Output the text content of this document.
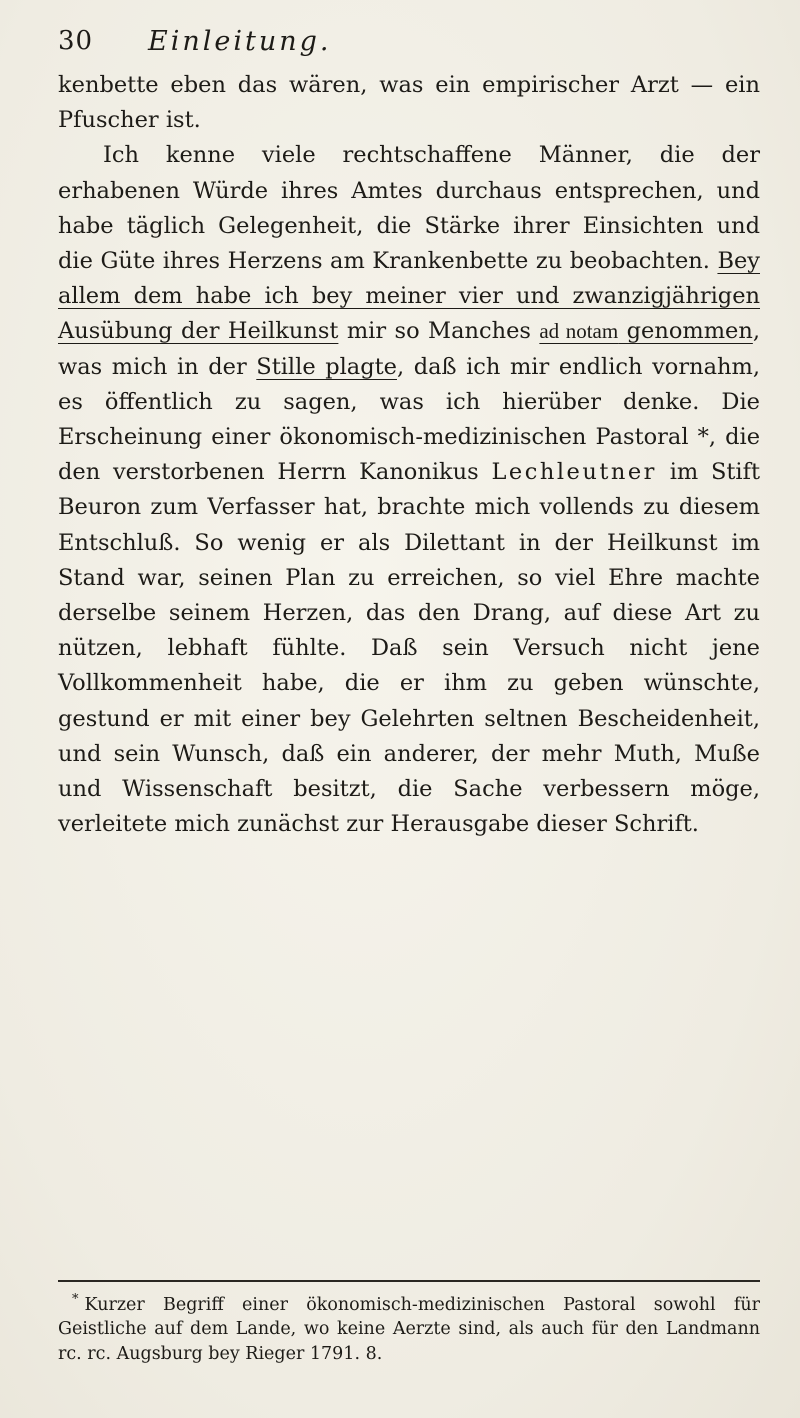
30 Einleitung.

kenbette eben das wären, was ein empirischer Arzt — ein Pfuscher ist.

Ich kenne viele rechtschaffene Männer, die der erhabenen Würde ihres Amtes durchaus entsprechen, und habe täglich Gelegenheit, die Stärke ihrer Einsichten und die Güte ihres Herzens am Krankenbette zu beobachten. Bey allem dem habe ich bey meiner vier und zwanzigjährigen Ausübung der Heilkunst mir so Manches ad notam genommen, was mich in der Stille plagte, daß ich mir endlich vornahm, es öffentlich zu sagen, was ich hierüber denke. Die Erscheinung einer ökonomisch-medizinischen Pastoral *, die den verstorbenen Herrn Kanonikus Lechleutner im Stift Beuron zum Verfasser hat, brachte mich vollends zu diesem Entschluß. So wenig er als Dilettant in der Heilkunst im Stand war, seinen Plan zu erreichen, so viel Ehre machte derselbe seinem Herzen, das den Drang, auf diese Art zu nützen, lebhaft fühlte. Daß sein Versuch nicht jene Vollkommenheit habe, die er ihm zu geben wünschte, gestund er mit einer bey Gelehrten seltnen Bescheidenheit, und sein Wunsch, daß ein anderer, der mehr Muth, Muße und Wissenschaft besitzt, die Sache verbessern möge, verleitete mich zunächst zur Herausgabe dieser Schrift.

* Kurzer Begriff einer ökonomisch-medizinischen Pastoral sowohl für Geistliche auf dem Lande, wo keine Aerzte sind, als auch für den Landmann rc. rc. Augsburg bey Rieger 1791. 8.
